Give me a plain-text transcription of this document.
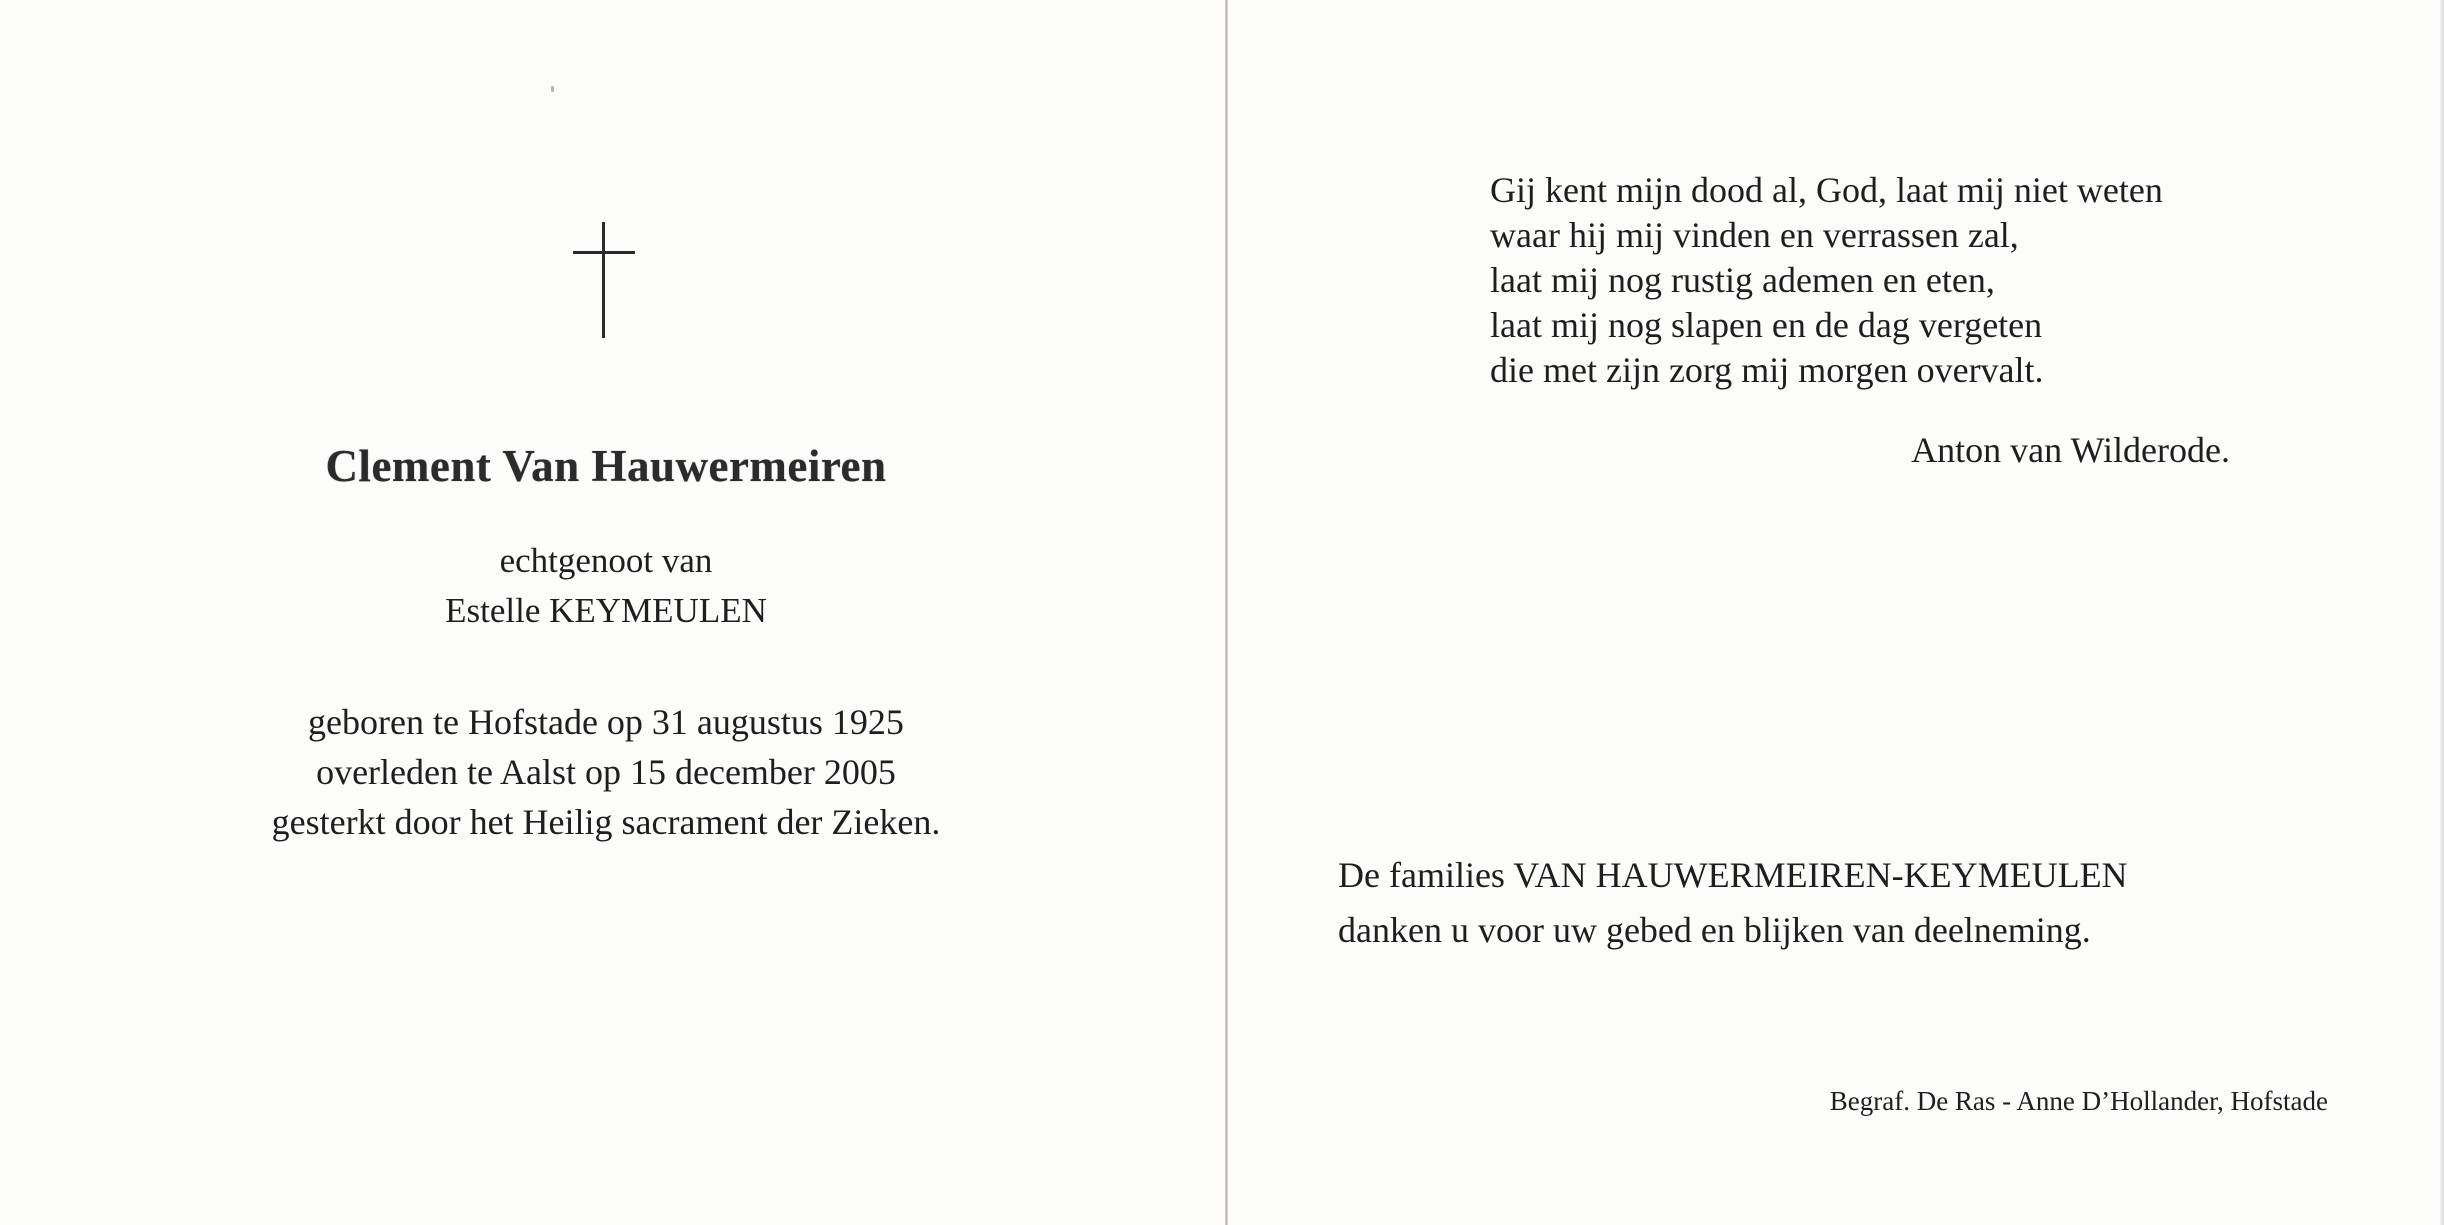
Clement Van Hauwermeiren
echtgenoot van
Estelle KEYMEULEN
geboren te Hofstade op 31 augustus 1925
overleden te Aalst op 15 december 2005
gesterkt door het Heilig sacrament der Zieken.
Gij kent mijn dood al, God, laat mij niet weten
waar hij mij vinden en verrassen zal,
laat mij nog rustig ademen en eten,
laat mij nog slapen en de dag vergeten
die met zijn zorg mij morgen overvalt.
Anton van Wilderode.
De families VAN HAUWERMEIREN-KEYMEULEN
danken u voor uw gebed en blijken van deelneming.
Begraf. De Ras - Anne D’Hollander, Hofstade
